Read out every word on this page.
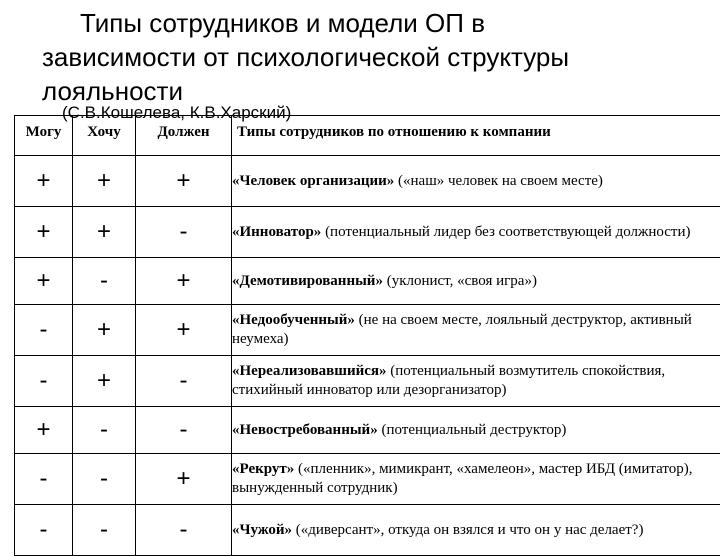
Типы сотрудников и модели ОП в
зависимости от психологической структуры
лояльности
Могу	Хочу	Должен	Типы сотрудников по отношению к компании
+	+	+	«Человек организации» («наш» человек на своем месте)
+	+	-	«Инноватор» (потенциальный лидер без соответствующей должности)
+	-	+	«Демотивированный» (уклонист, «своя игра»)
-	+	+	«Недообученный» (не на своем месте, лояльный деструктор, активный неумеха)
-	+	-	«Нереализовавшийся» (потенциальный возмутитель спокойствия, стихийный инноватор или дезорганизатор)
+	-	-	«Невостребованный» (потенциальный деструктор)
-	-	+	«Рекрут» («пленник», мимикрант, «хамелеон», мастер ИБД (имитатор), вынужденный сотрудник)
-	-	-	«Чужой» («диверсант», откуда он взялся и что он у нас делает?)
(С.В.Кошелева, К.В.Харский)
